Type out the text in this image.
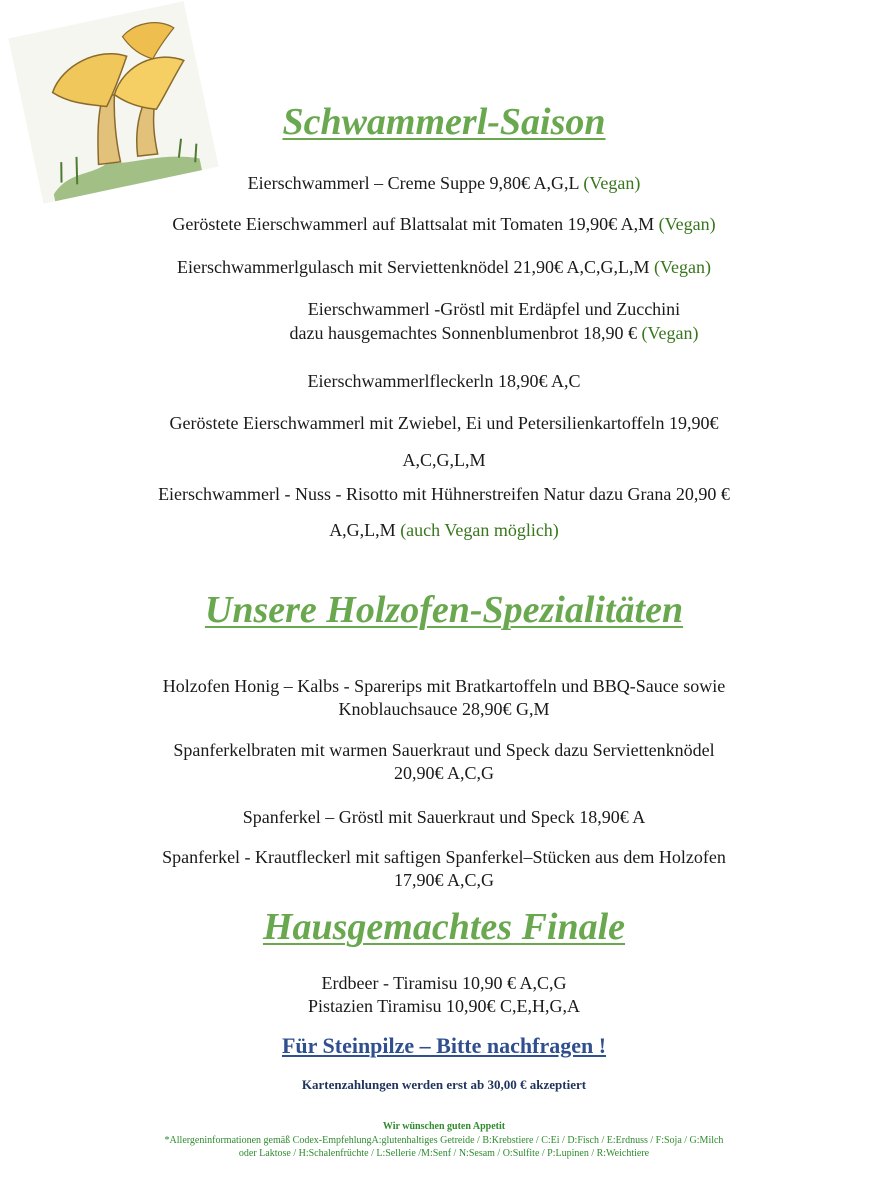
Schwammerl-Saison

Eierschwammerl – Creme Suppe 9,80€ A,G,L (Vegan)

Geröstete Eierschwammerl auf Blattsalat mit Tomaten 19,90€ A,M (Vegan)

Eierschwammerlgulasch mit Serviettenknödel 21,90€ A,C,G,L,M (Vegan)

Eierschwammerl -Gröstl mit Erdäpfel und Zucchini

dazu hausgemachtes Sonnenblumenbrot 18,90 € (Vegan)

Eierschwammerlfleckerln 18,90€ A,C

Geröstete Eierschwammerl mit Zwiebel, Ei und Petersilienkartoffeln 19,90€

A,C,G,L,M

Eierschwammerl - Nuss - Risotto mit Hühnerstreifen Natur dazu Grana 20,90 €

A,G,L,M (auch Vegan möglich)

Unsere Holzofen-Spezialitäten

Holzofen Honig – Kalbs - Sparerips mit Bratkartoffeln und BBQ-Sauce sowie

Knoblauchsauce 28,90€ G,M

Spanferkelbraten mit warmen Sauerkraut und Speck dazu Serviettenknödel

20,90€ A,C,G

Spanferkel – Gröstl mit Sauerkraut und Speck 18,90€ A

Spanferkel - Krautfleckerl mit saftigen Spanferkel–Stücken aus dem Holzofen

17,90€ A,C,G

Hausgemachtes Finale

Erdbeer - Tiramisu 10,90 € A,C,G

Pistazien Tiramisu 10,90€ C,E,H,G,A

Für Steinpilze – Bitte nachfragen !
Kartenzahlungen werden erst ab 30,00 € akzeptiert
Wir wünschen guten Appetit
*Allergeninformationen gemäß Codex-EmpfehlungA:glutenhaltiges Getreide / B:Krebstiere / C:Ei / D:Fisch / E:Erdnuss / F:Soja / G:Milch
oder Laktose / H:Schalenfrüchte / L:Sellerie /M:Senf / N:Sesam / O:Sulfite / P:Lupinen / R:Weichtiere
